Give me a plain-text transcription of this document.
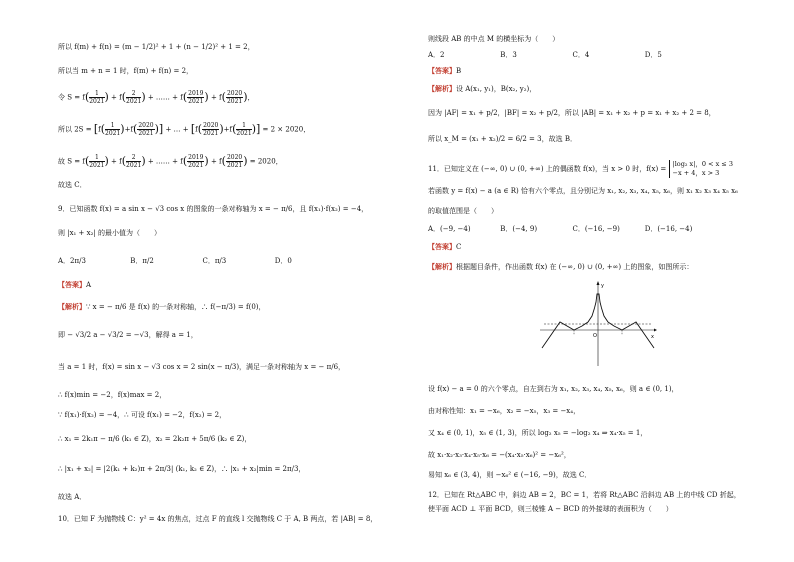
所以 f(m) + f(n) = (m − 1/2)² + 1 + (n − 1/2)² + 1 = 2，
所以当 m + n = 1 时，f(m) + f(n) = 2，
令 $S = f( \frac{1}{2021}$ ) + $f( \frac{2}{2021}$ ) + …… + $f( \frac{2019}{2021}$ ) + $f( \frac{2020}{2021}$ )，
所以 $2S = [f( \frac{1}{2021} )+f( \frac{2020}{2021}$ )] + … + [$f( \frac{2020}{2021} )+f( \frac{1}{2021}$ )] = 2 × 2020，
故 $S = f( \frac{1}{2021}$ ) + $f( \frac{2}{2021}$ ) + …… + $f( \frac{2019}{2021}$ ) + $f( \frac{2020}{2021}$ ) = 2020，
故选 C．
9．已知函数 f(x) = a sin x − √3 cos x 的图象的一条对称轴为 x = − π/6，且 f(x₁)·f(x₂) = −4，
则 |x₁ + x₂| 的最小值为（　　）
A．2π/3	B．π/2	C．π/3	D．0
【答案】A
【解析】∵ x = − π/6 是 f(x) 的一条对称轴，∴ f(−π/3) = f(0)，
即 − √3/2 a − √3/2 = −√3，解得 a = 1，
当 a = 1 时，f(x) = sin x − √3 cos x = 2 sin(x − π/3)，满足一条对称轴为 x = − π/6，
∴ f(x)min = −2，f(x)max = 2，
∵ f(x₁)·f(x₂) = −4，∴ 可设 f(x₁) = −2，f(x₂) = 2，
∴ x₁ = 2k₁π − π/6 (k₁ ∈ Z)，x₂ = 2k₂π + 5π/6 (k₂ ∈ Z)，
∴ |x₁ + x₂| = |2(k₁ + k₂)π + 2π/3| (k₁, k₂ ∈ Z)，∴ |x₁ + x₂|min = 2π/3，
故选 A．
10．已知 F 为抛物线 C：y² = 4x 的焦点，过点 F 的直线 l 交抛物线 C 于 A, B 两点，若 |AB| = 8，
则线段 AB 的中点 M 的横坐标为（　　）
A．2	B．3	C．4	D．5
【答案】B
【解析】设 A(x₁, y₁)，B(x₂, y₂)，
因为 |AF| = x₁ + p/2，|BF| = x₂ + p/2，所以 |AB| = x₁ + x₂ + p = x₁ + x₂ + 2 = 8，
所以 x_M = (x₁ + x₂)/2 = 6/2 = 3，故选 B．
11．已知定义在 (−∞, 0) ∪ (0, +∞) 上的偶函数 f(x)，当 x > 0 时，f(x) =
|log₂ x|，0 < x ≤ 3
−x + 4，x > 3
若函数 y = f(x) − a (a ∈ R) 恰有六个零点，且分别记为 x₁, x₂, x₃, x₄, x₅, x₆，则 x₁ x₂ x₃ x₄ x₅ x₆
的取值范围是（　　）
A．(−9, −4)	B．(−4, 9)	C．(−16, −9)	D．(−16, −4)
【答案】C
【解析】根据题目条件，作出函数 f(x) 在 (−∞, 0) ∪ (0, +∞) 上的图象，如图所示：
x
y
O
设 f(x) − a = 0 的六个零点，自左到右为 x₁, x₂, x₃, x₄, x₅, x₆，则 a ∈ (0, 1)，
由对称性知：x₁ = −x₆，x₂ = −x₅，x₃ = −x₄，
又 x₄ ∈ (0, 1)，x₅ ∈ (1, 3)，所以 log₂ x₅ = −log₂ x₄ ⇒ x₄·x₅ = 1，
故 x₁·x₂·x₃·x₄·x₅·x₆ = −(x₄·x₅·x₆)² = −x₆²，
易知 x₆ ∈ (3, 4)，则 −x₆² ∈ (−16, −9)，故选 C．
12．已知在 Rt△ABC 中，斜边 AB = 2，BC = 1，若将 Rt△ABC 沿斜边 AB 上的中线 CD 折起，
使平面 ACD ⊥ 平面 BCD，则三棱锥 A − BCD 的外接球的表面积为（　　）
